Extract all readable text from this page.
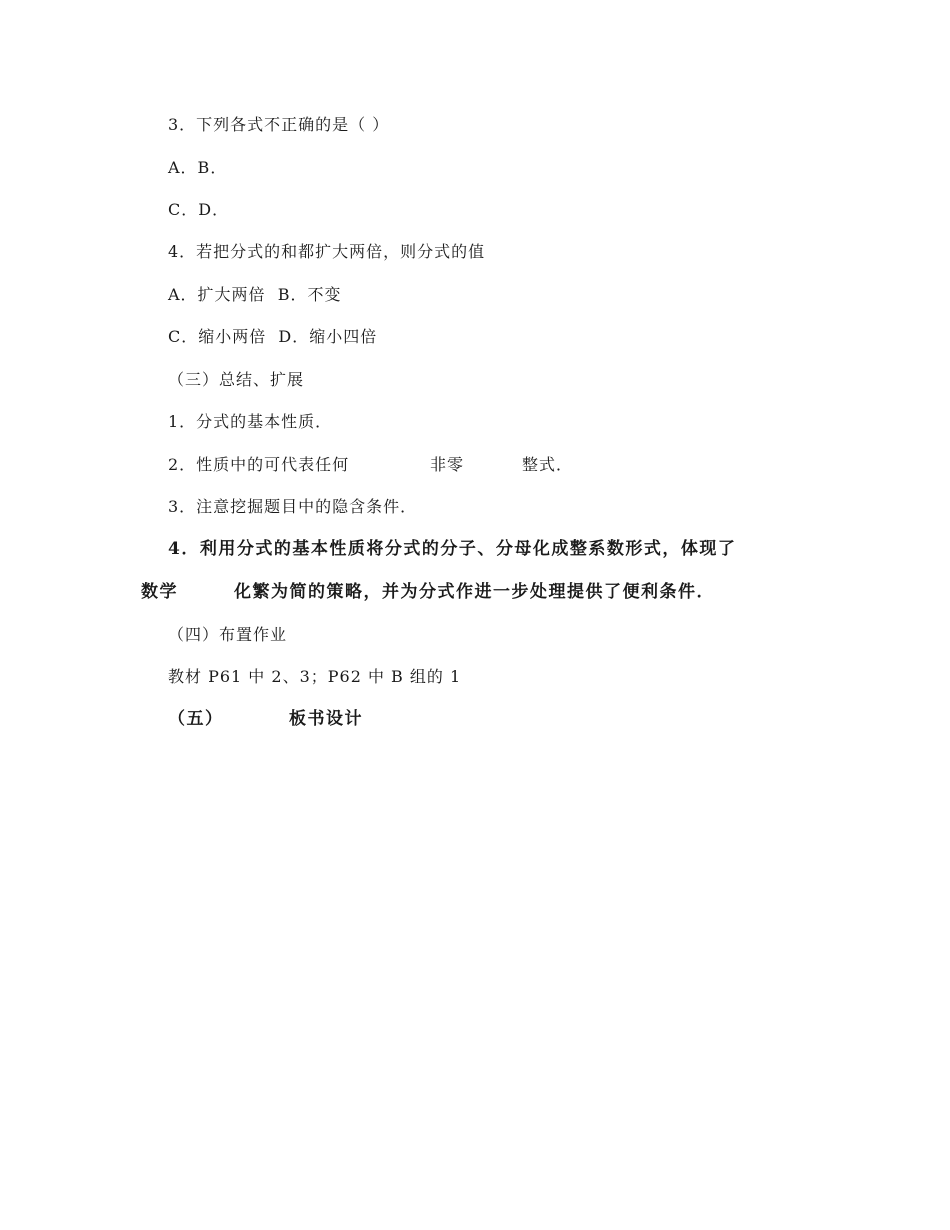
3．下列各式不正确的是（ ）
A．B．
C．D．
4．若把分式的和都扩大两倍，则分式的值
A．扩大两倍  B．不变
C．缩小两倍  D．缩小四倍
（三）总结、扩展
1．分式的基本性质．
2．性质中的可代表任何	非零	整式．
3．注意挖掘题目中的隐含条件．
4．利用分式的基本性质将分式的分子、分母化成整系数形式，体现了
数学	化繁为简的策略，并为分式作进一步处理提供了便利条件．
（四）布置作业
教材 P61 中 2、3；P62 中 B 组的 1
（五）	板书设计
